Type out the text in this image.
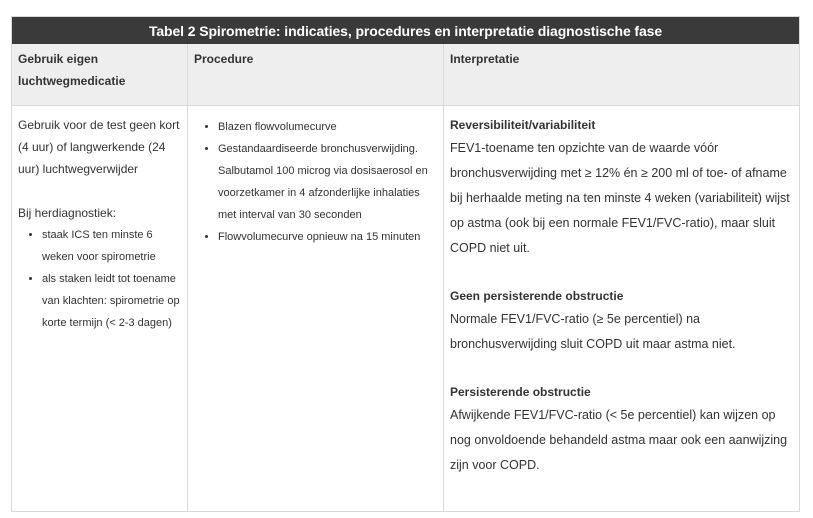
Tabel 2 Spirometrie: indicaties, procedures en interpretatie diagnostische fase
Gebruik eigen luchtwegmedicatie
Procedure	Interpretatie

Gebruik voor de test geen kort (4 uur) of langwerkende (24 uur) luchtwegverwijder

Bij herdiagnostiek:

• staak ICS ten minste 6 weken voor spirometrie
• als staken leidt tot toename van klachten: spirometrie op korte termijn (< 2-3 dagen)
• Blazen flowvolumecurve
• Gestandaardiseerde bronchusverwijding. Salbutamol 100 microg via dosisaerosol en voorzetkamer in 4 afzonderlijke inhalaties met interval van 30 seconden
• Flowvolumecurve opnieuw na 15 minuten
Reversibiliteit/variabiliteit

FEV1-toename ten opzichte van de waarde vóór bronchusverwijding met ≥ 12% én ≥ 200 ml of toe- of afname bij herhaalde meting na ten minste 4 weken (variabiliteit) wijst op astma (ook bij een normale FEV1/FVC-ratio), maar sluit COPD niet uit.

Geen persisterende obstructie

Normale FEV1/FVC-ratio (≥ 5e percentiel) na bronchusverwijding sluit COPD uit maar astma niet.

Persisterende obstructie

Afwijkende FEV1/FVC-ratio (< 5e percentiel) kan wijzen op nog onvoldoende behandeld astma maar ook een aanwijzing zijn voor COPD.
